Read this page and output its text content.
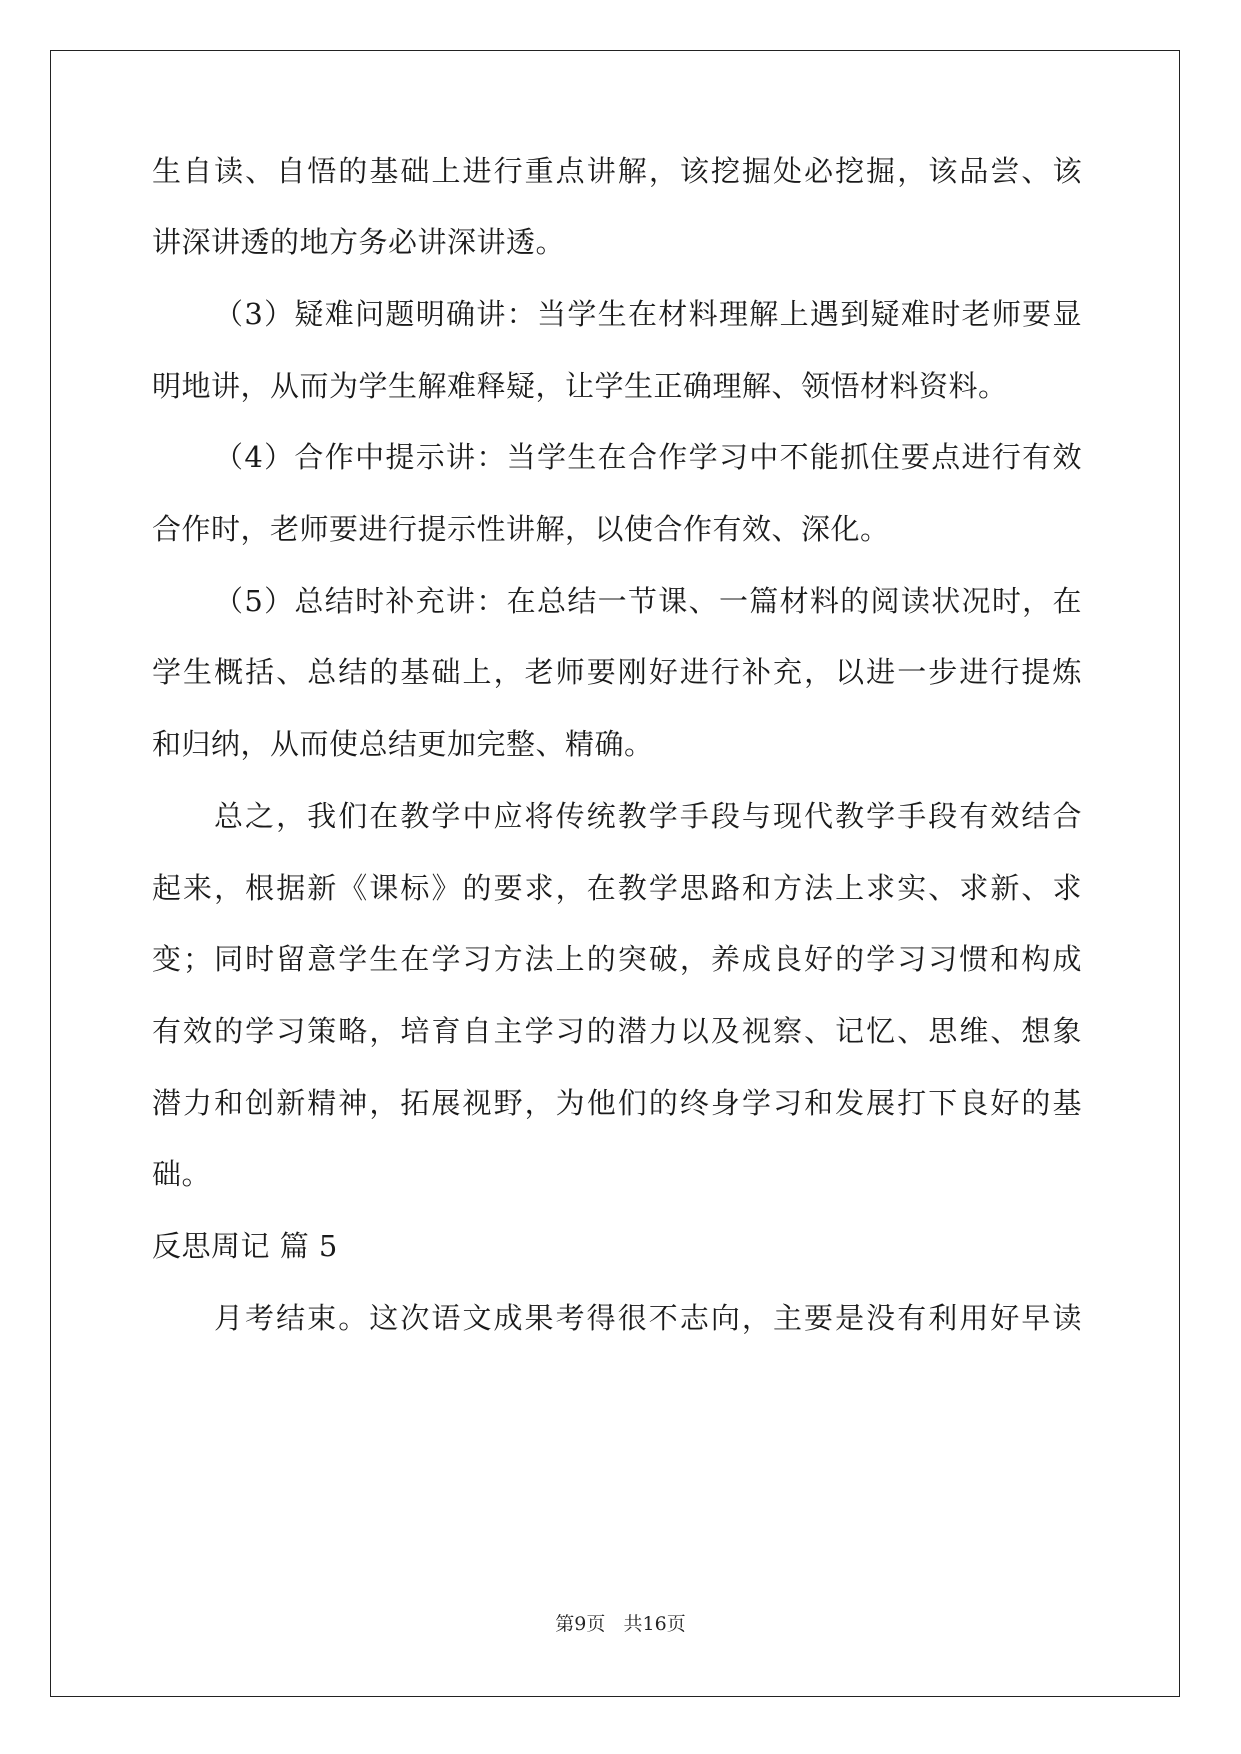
生自读、自悟的基础上进行重点讲解，该挖掘处必挖掘，该品尝、该
讲深讲透的地方务必讲深讲透。
（3）疑难问题明确讲：当学生在材料理解上遇到疑难时老师要显
明地讲，从而为学生解难释疑，让学生正确理解、领悟材料资料。
（4）合作中提示讲：当学生在合作学习中不能抓住要点进行有效
合作时，老师要进行提示性讲解，以使合作有效、深化。
（5）总结时补充讲：在总结一节课、一篇材料的阅读状况时，在
学生概括、总结的基础上，老师要刚好进行补充，以进一步进行提炼
和归纳，从而使总结更加完整、精确。
总之，我们在教学中应将传统教学手段与现代教学手段有效结合
起来，根据新《课标》的要求，在教学思路和方法上求实、求新、求
变；同时留意学生在学习方法上的突破，养成良好的学习习惯和构成
有效的学习策略，培育自主学习的潜力以及视察、记忆、思维、想象
潜力和创新精神，拓展视野，为他们的终身学习和发展打下良好的基
础。
反思周记 篇 5
月考结束。这次语文成果考得很不志向，主要是没有利用好早读
第9页   共16页
